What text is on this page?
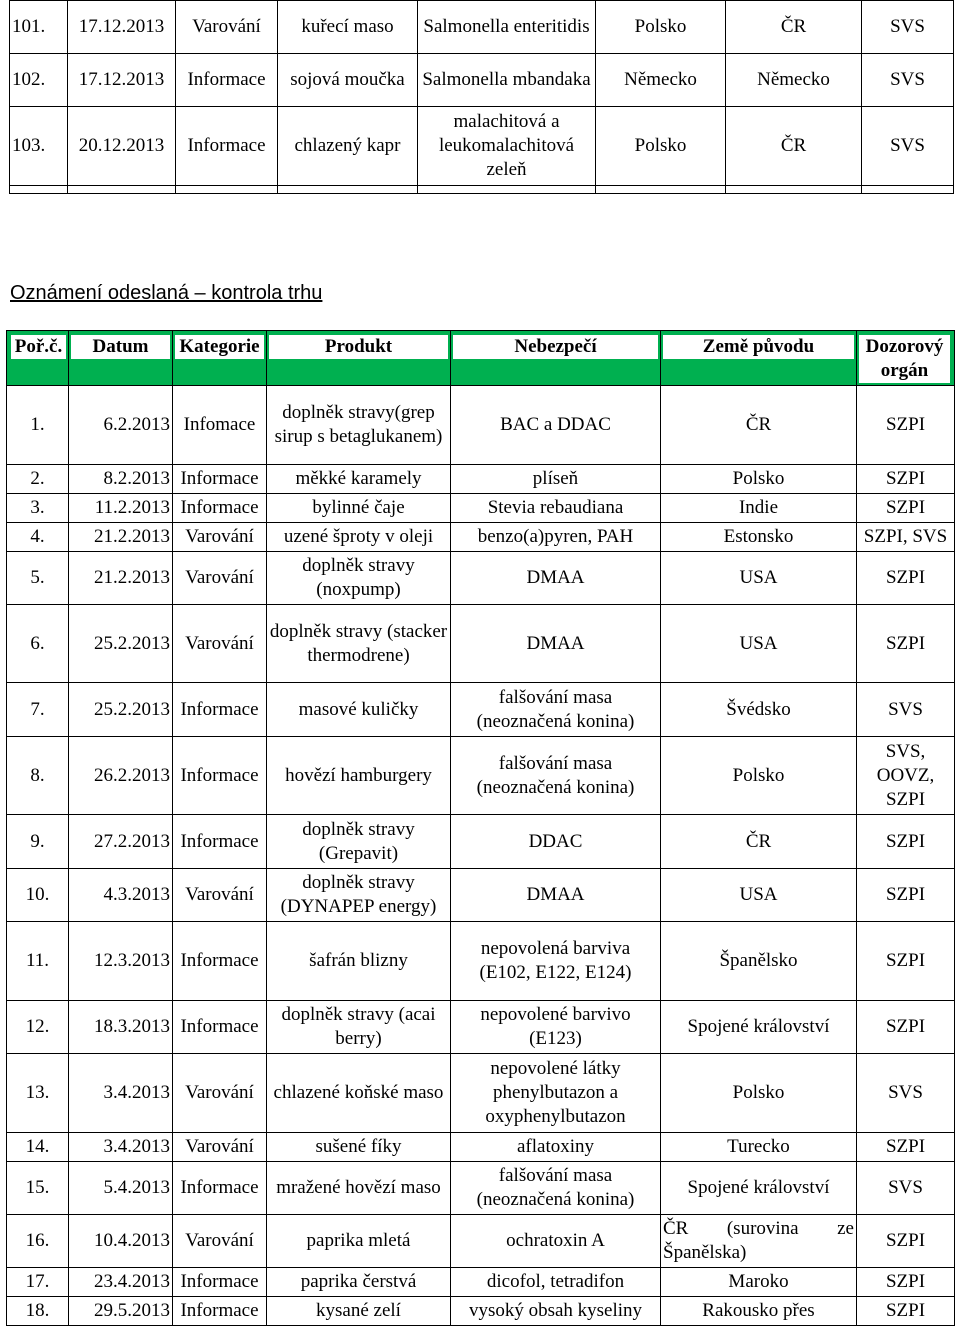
101.	17.12.2013	Varování	kuřecí maso	Salmonella enteritidis	Polsko	ČR	SVS
102.	17.12.2013	Informace	sojová moučka	Salmonella mbandaka	Německo	Německo	SVS
103.	20.12.2013	Informace	chlazený kapr	malachitová a leukomalachitová zeleň	Polsko	ČR	SVS

Oznámení odeslaná – kontrola trhu
Poř.č.	Datum	Kategorie	Produkt	Nebezpečí	Země původu	Dozorový orgán

1.	6.2.2013	Infomace	doplněk stravy(grep sirup s betaglukanem)	BAC a DDAC	ČR	SZPI
2.	8.2.2013	Informace	měkké karamely	plíseň	Polsko	SZPI
3.	11.2.2013	Informace	bylinné čaje	Stevia rebaudiana	Indie	SZPI
4.	21.2.2013	Varování	uzené šproty v oleji	benzo(a)pyren, PAH	Estonsko	SZPI, SVS
5.	21.2.2013	Varování	doplněk stravy (noxpump)	DMAA	USA	SZPI
6.	25.2.2013	Varování	doplněk stravy (stacker thermodrene)	DMAA	USA	SZPI
7.	25.2.2013	Informace	masové kuličky	falšování masa (neoznačená konina)	Švédsko	SVS
8.	26.2.2013	Informace	hovězí hamburgery	falšování masa (neoznačená konina)	Polsko	SVS, OOVZ, SZPI
9.	27.2.2013	Informace	doplněk stravy (Grepavit)	DDAC	ČR	SZPI
10.	4.3.2013	Varování	doplněk stravy (DYNAPEP energy)	DMAA	USA	SZPI
11.	12.3.2013	Informace	šafrán blizny	nepovolená barviva (E102, E122, E124)	Španělsko	SZPI
12.	18.3.2013	Informace	doplněk stravy (acai berry)	nepovolené barvivo (E123)	Spojené království	SZPI
13.	3.4.2013	Varování	chlazené koňské maso	nepovolené látky phenylbutazon a oxyphenylbutazon	Polsko	SVS
14.	3.4.2013	Varování	sušené fíky	aflatoxiny	Turecko	SZPI
15.	5.4.2013	Informace	mražené hovězí maso	falšování masa (neoznačená konina)	Spojené království	SVS
16.	10.4.2013	Varování	paprika mletá	ochratoxin A	ČR (surovina ze Španělska)	SZPI
17.	23.4.2013	Informace	paprika čerstvá	dicofol, tetradifon	Maroko	SZPI
18.	29.5.2013	Informace	kysané zelí	vysoký obsah kyseliny	Rakousko přes	SZPI
